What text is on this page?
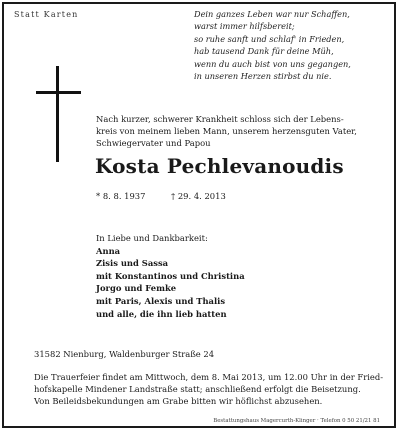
Statt Karten	Dein ganzes Leben war nur Schaffen,
warst immer hilfsbereit;
so ruhe sanft und schlaf' in Frieden,
hab tausend Dank für deine Müh,
wenn du auch bist von uns gegangen,
in unseren Herzen stirbst du nie.
Nach kurzer, schwerer Krankheit schloss sich der Lebens-
kreis von meinem lieben Mann, unserem herzensguten Vater,
Schwiegervater und Papou
Kosta Pechlevanoudis
* 8. 8. 1937	† 29. 4. 2013
In Liebe und Dankbarkeit:
Anna
Zisis und Sassa
mit Konstantinos und Christina
Jorgo und Femke
mit Paris, Alexis und Thalis
und alle, die ihn lieb hatten
31582 Nienburg, Waldenburger Straße 24
Die Trauerfeier findet am Mittwoch, dem 8. Mai 2013, um 12.00 Uhr in der Fried-
hofskapelle Mindener Landstraße statt; anschließend erfolgt die Beisetzung.
Von Beileidsbekundungen am Grabe bitten wir höflichst abzusehen.
Bestattungshaus Magercurth-Klinger · Telefon 0 50 21/21 81
